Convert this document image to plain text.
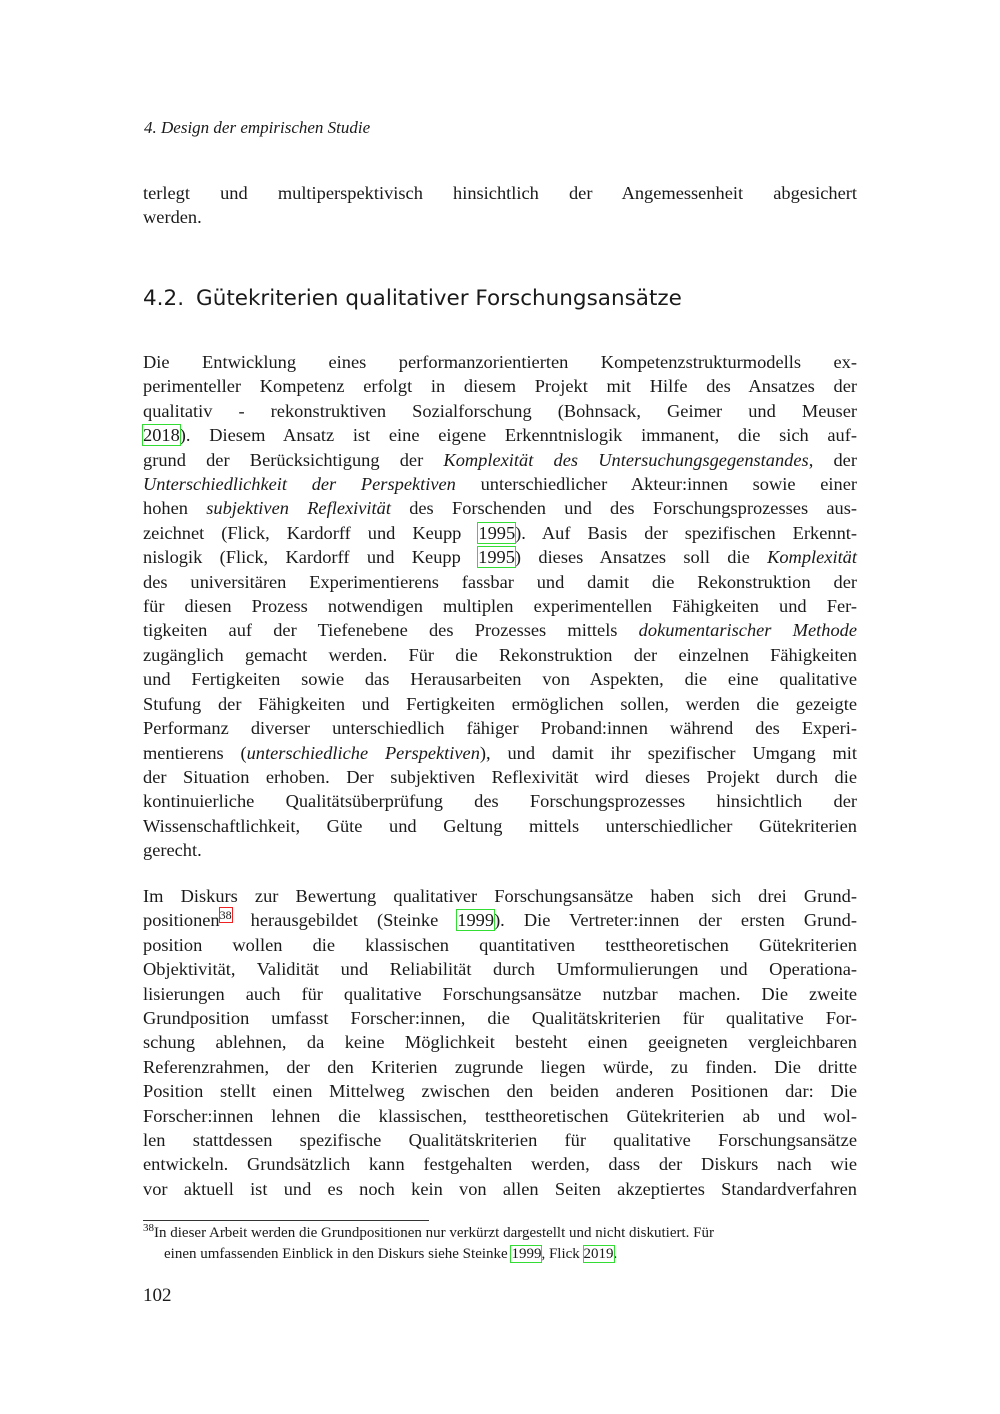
4. Design der empirischen Studie
terlegt und multiperspektivisch hinsichtlich der Angemessenheit abgesichert
werden.
4.2. Gütekriterien qualitativer Forschungsansätze
Die Entwicklung eines performanzorientierten Kompetenzstrukturmodells ex-
perimenteller Kompetenz erfolgt in diesem Projekt mit Hilfe des Ansatzes der
qualitativ - rekonstruktiven Sozialforschung (Bohnsack, Geimer und Meuser
2018). Diesem Ansatz ist eine eigene Erkenntnislogik immanent, die sich auf-
grund der Berücksichtigung der Komplexität des Untersuchungsgegenstandes, der
Unterschiedlichkeit der Perspektiven unterschiedlicher Akteur:innen sowie einer
hohen subjektiven Reflexivität des Forschenden und des Forschungsprozesses aus-
zeichnet (Flick, Kardorff und Keupp 1995). Auf Basis der spezifischen Erkennt-
nislogik (Flick, Kardorff und Keupp 1995) dieses Ansatzes soll die Komplexität
des universitären Experimentierens fassbar und damit die Rekonstruktion der
für diesen Prozess notwendigen multiplen experimentellen Fähigkeiten und Fer-
tigkeiten auf der Tiefenebene des Prozesses mittels dokumentarischer Methode
zugänglich gemacht werden. Für die Rekonstruktion der einzelnen Fähigkeiten
und Fertigkeiten sowie das Herausarbeiten von Aspekten, die eine qualitative
Stufung der Fähigkeiten und Fertigkeiten ermöglichen sollen, werden die gezeigte
Performanz diverser unterschiedlich fähiger Proband:innen während des Experi-
mentierens (unterschiedliche Perspektiven), und damit ihr spezifischer Umgang mit
der Situation erhoben. Der subjektiven Reflexivität wird dieses Projekt durch die
kontinuierliche Qualitätsüberprüfung des Forschungsprozesses hinsichtlich der
Wissenschaftlichkeit, Güte und Geltung mittels unterschiedlicher Gütekriterien
gerecht.
Im Diskurs zur Bewertung qualitativer Forschungsansätze haben sich drei Grund-
positionen$^{38}$ herausgebildet (Steinke 1999). Die Vertreter:innen der ersten Grund-
position wollen die klassischen quantitativen testtheoretischen Gütekriterien
Objektivität, Validität und Reliabilität durch Umformulierungen und Operationa-
lisierungen auch für qualitative Forschungsansätze nutzbar machen. Die zweite
Grundposition umfasst Forscher:innen, die Qualitätskriterien für qualitative For-
schung ablehnen, da keine Möglichkeit besteht einen geeigneten vergleichbaren
Referenzrahmen, der den Kriterien zugrunde liegen würde, zu finden. Die dritte
Position stellt einen Mittelweg zwischen den beiden anderen Positionen dar: Die
Forscher:innen lehnen die klassischen, testtheoretischen Gütekriterien ab und wol-
len stattdessen spezifische Qualitätskriterien für qualitative Forschungsansätze
entwickeln. Grundsätzlich kann festgehalten werden, dass der Diskurs nach wie
vor aktuell ist und es noch kein von allen Seiten akzeptiertes Standardverfahren
$^{38}$In dieser Arbeit werden die Grundpositionen nur verkürzt dargestellt und nicht diskutiert. Für
einen umfassenden Einblick in den Diskurs siehe Steinke 1999, Flick 2019.
102
